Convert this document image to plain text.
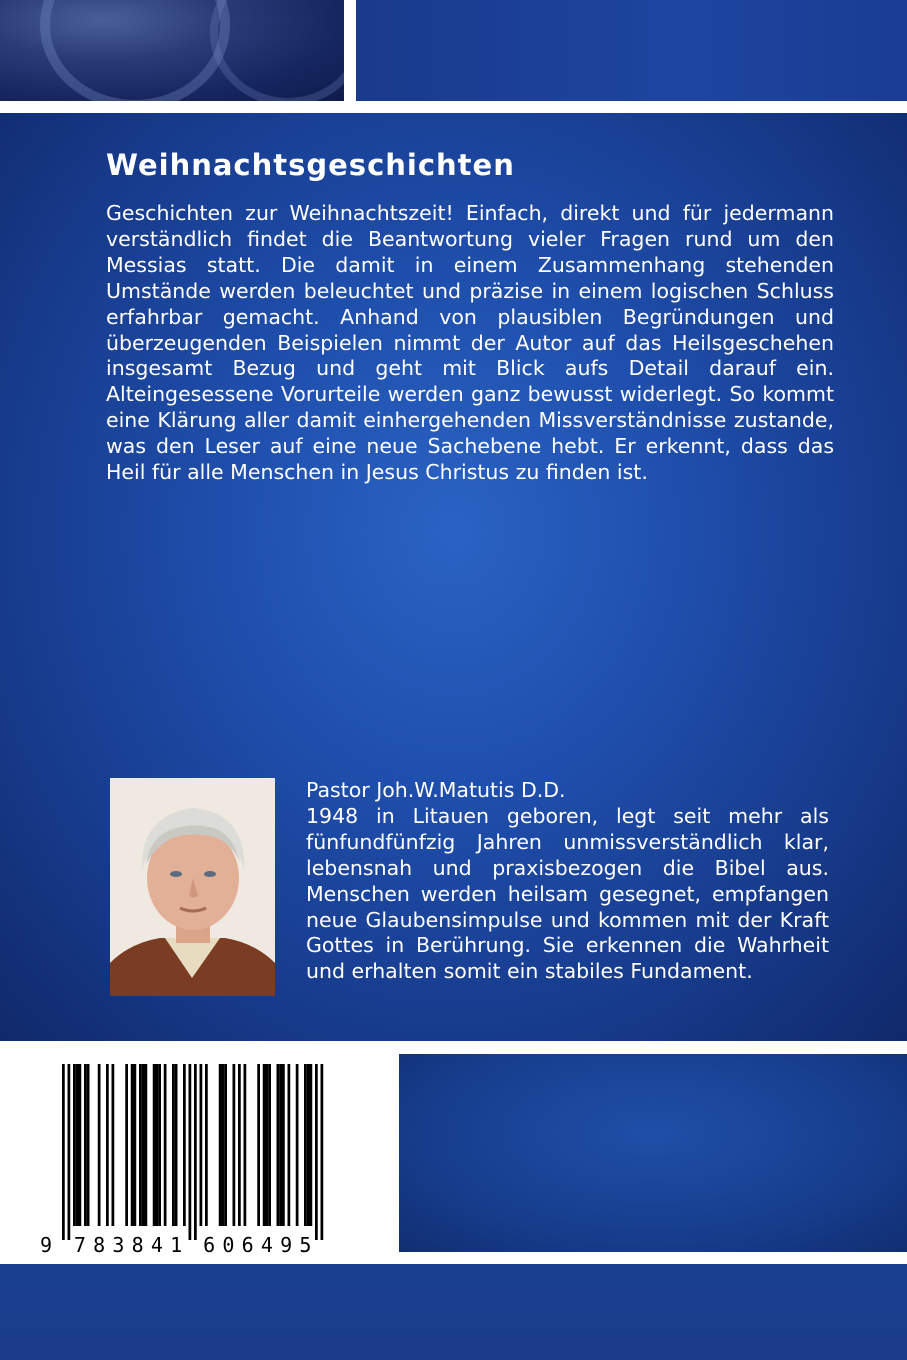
Weihnachtsgeschichten

Geschichten zur Weihnachtszeit! Einfach, direkt und für jedermann verständlich findet die Beantwortung vieler Fragen rund um den Messias statt. Die damit in einem Zusammenhang stehenden Umstände werden beleuchtet und präzise in einem logischen Schluss erfahrbar gemacht. Anhand von plausiblen Begründungen und überzeugenden Beispielen nimmt der Autor auf das Heilsgeschehen insgesamt Bezug und geht mit Blick aufs Detail darauf ein. Alteingesessene Vorurteile werden ganz bewusst widerlegt. So kommt eine Klärung aller damit einhergehenden Missverständnisse zustande, was den Leser auf eine neue Sachebene hebt. Er erkennt, dass das Heil für alle Menschen in Jesus Christus zu finden ist.

Pastor Joh.W.Matutis D.D.
1948 in Litauen geboren, legt seit mehr als fünfundfünfzig Jahren unmissverständlich klar, lebensnah und praxisbezogen die Bibel aus. Menschen werden heilsam gesegnet, empfangen neue Glaubensimpulse und kommen mit der Kraft Gottes in Berührung. Sie erkennen die Wahrheit und erhalten somit ein stabiles Fundament.

9 7 8 3 8 4 1 6 0 6 4 9 5
